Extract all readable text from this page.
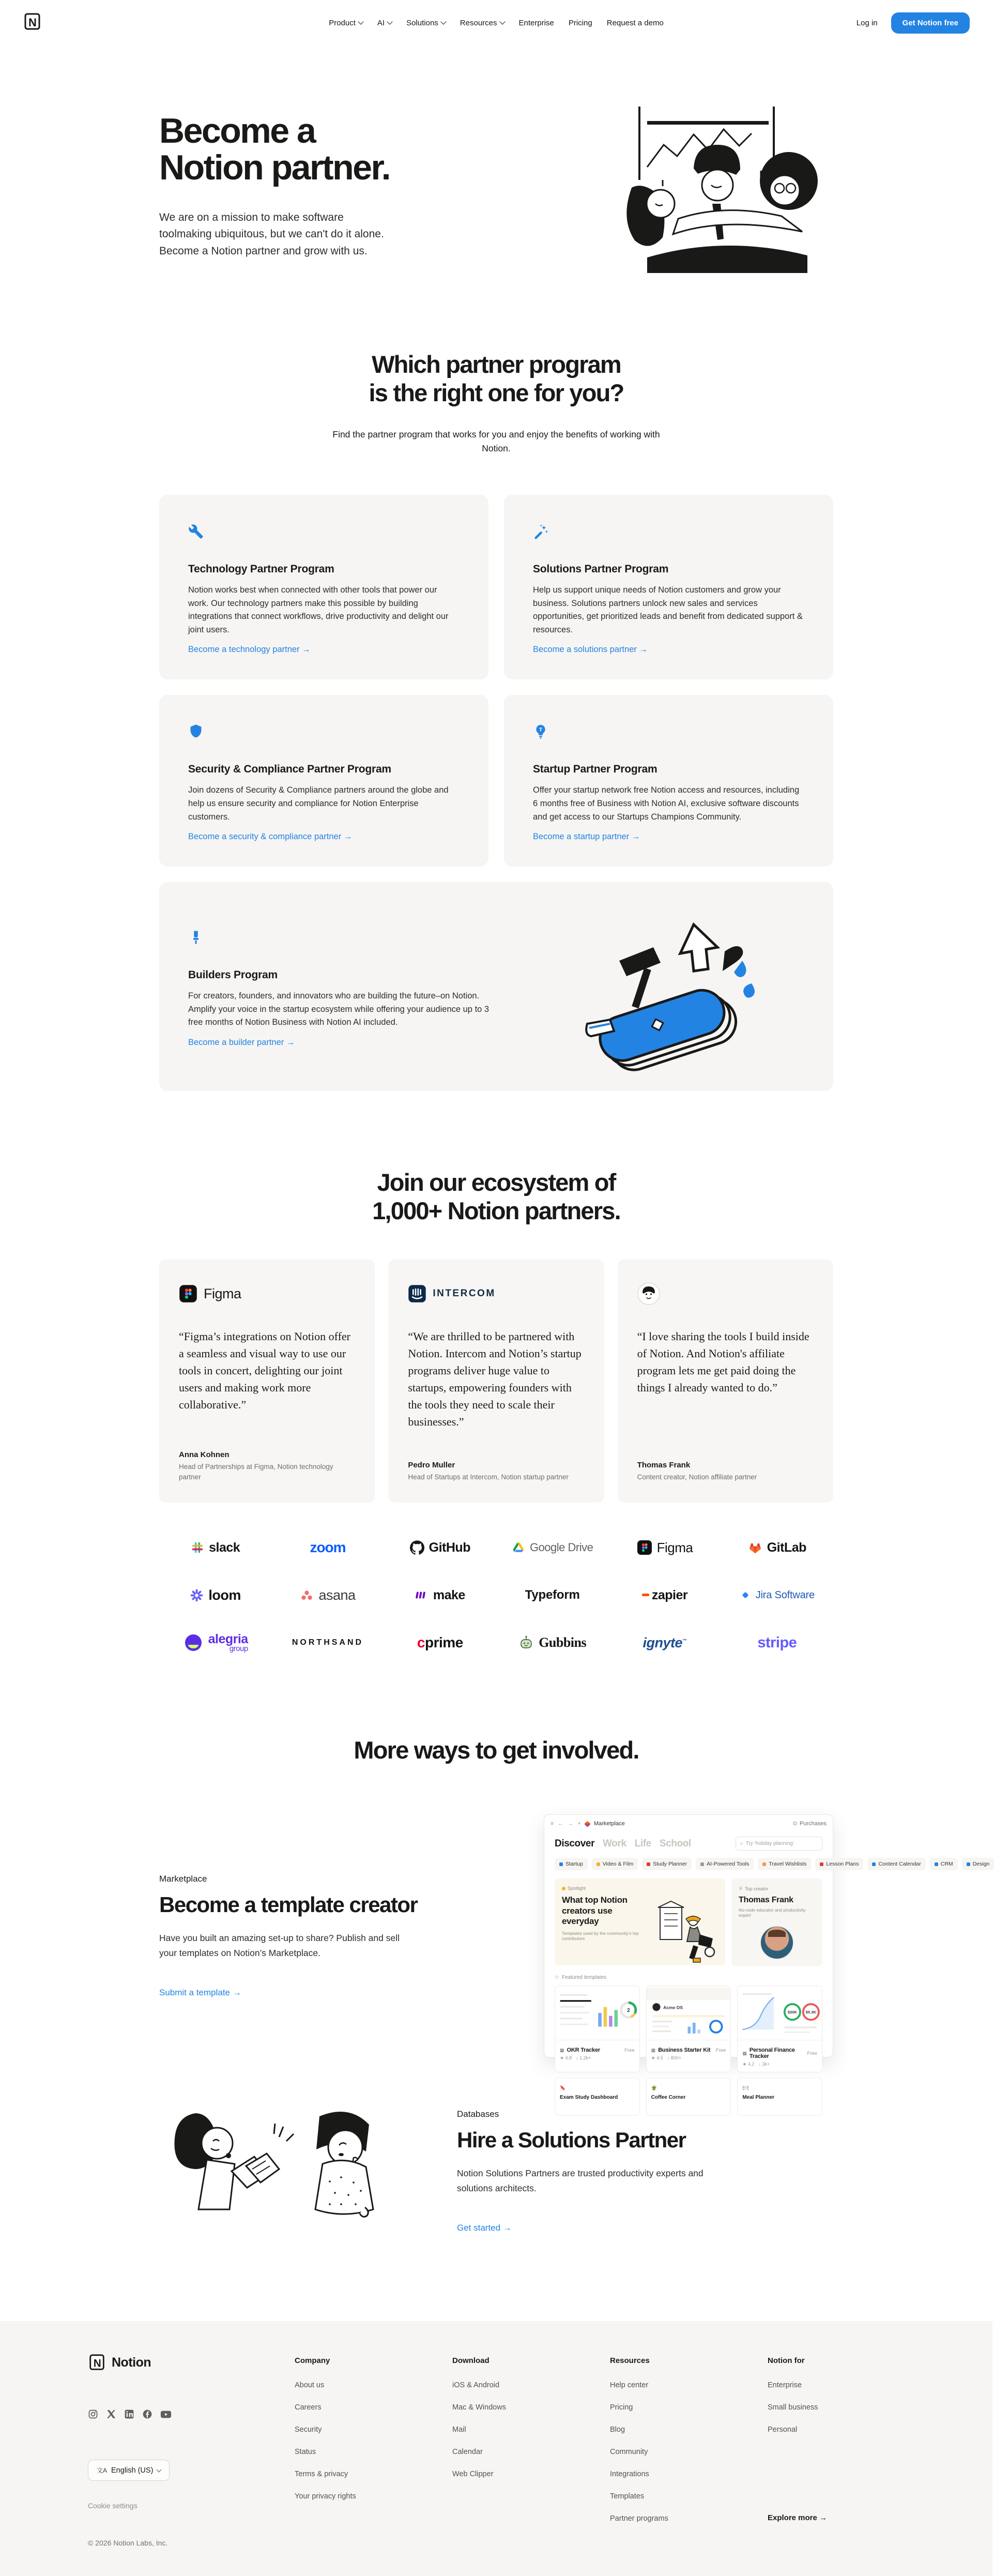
N	Product	AI	Solutions	Resources	Enterprise Pricing Request a demo	Log in	Get Notion free
Become a
Notion partner.

We are on a mission to make software toolmaking ubiquitous, but we can't do it alone. Become a Notion partner and grow with us.

Which partner program
is the right one for you?

Find the partner program that works for you and enjoy the benefits of working with Notion.

Technology Partner Program

Notion works best when connected with other tools that power our work. Our technology partners make this possible by building integrations that connect workflows, drive productivity and delight our joint users.

Become a technology partner →
Solutions Partner Program

Help us support unique needs of Notion customers and grow your business. Solutions partners unlock new sales and services opportunities, get prioritized leads and benefit from dedicated support & resources.

Become a solutions partner →
Security & Compliance Partner Program

Join dozens of Security & Compliance partners around the globe and help us ensure security and compliance for Notion Enterprise customers.

Become a security & compliance partner →
T
Startup Partner Program

Offer your startup network free Notion access and resources, including 6 months free of Business with Notion AI, exclusive software discounts and get access to our Startups Champions Community.

Become a startup partner →
Builders Program

For creators, founders, and innovators who are building the future–on Notion. Amplify your voice in the startup ecosystem while offering your audience up to 3 free months of Notion Business with Notion AI included.

Become a builder partner →
Join our ecosystem of
1,000+ Notion partners.
Figma
“Figma’s integrations on Notion offer a seamless and visual way to use our tools in concert, delighting our joint users and making work more collaborative.”
Anna Kohnen
Head of Partnerships at Figma, Notion technology partner
INTERCOM
“We are thrilled to be partnered with Notion. Intercom and Notion’s startup programs deliver huge value to startups, empowering founders with the tools they need to scale their businesses.”
Pedro Muller
Head of Startups at Intercom, Notion startup partner
“I love sharing the tools I build inside of Notion. And Notion's affiliate program lets me get paid doing the things I already wanted to do.”
Thomas Frank
Content creator, Notion affiliate partner
slack	zoom	GitHub	Google Drive	Figma	GitLab
loom	asana	make	Typeform	zapier	Jira Software
alegria
group
NORTHSAND	cprime	Gubbins	ignyte™	stripe
More ways to get involved.
Marketplace
Become a template creator

Have you built an amazing set-up to share? Publish and sell your templates on Notion’s Marketplace.

Submit a template →
≡ ← → + Marketplace	⧉ Purchases
Discover Work Life School	⌕ Try ‘holiday planning’
Startup	Video & Film	Study Planner	AI-Powered Tools	Travel Wishlists	Lesson Plans	Content Calendar	CRM	Design
Spotlight
What top Notion creators use everyday
Templates used by the community’s top contributors
♕ Top creator
Thomas Frank
No-code educator and productivity expert
☆ Featured templates
2
▦ OKR Tracker	Free
★ 4.8 ↓ 1.2k+
Acme OS
▦ Business Starter Kit Free
★ 4.5 ↓ 800+
$20K $5.3K
▦ Personal Finance Tracker	Free
★ 4.2 ↓ 3k+
🔖
Exam Study Dashboard
🪴
Coffee Corner
🍽
Meal Planner
Databases
Hire a Solutions Partner

Notion Solutions Partners are trusted productivity experts and solutions architects.

Get started →
N Notion
文A English (US)
Cookie settings
© 2026 Notion Labs, Inc.
Company
About us
Careers
Security
Status
Terms & privacy
Your privacy rights
Download
iOS & Android
Mac & Windows
Mail
Calendar
Web Clipper
Resources
Help center
Pricing
Blog
Community
Integrations
Templates
Partner programs
Notion for
Enterprise
Small business
Personal
Explore more →
